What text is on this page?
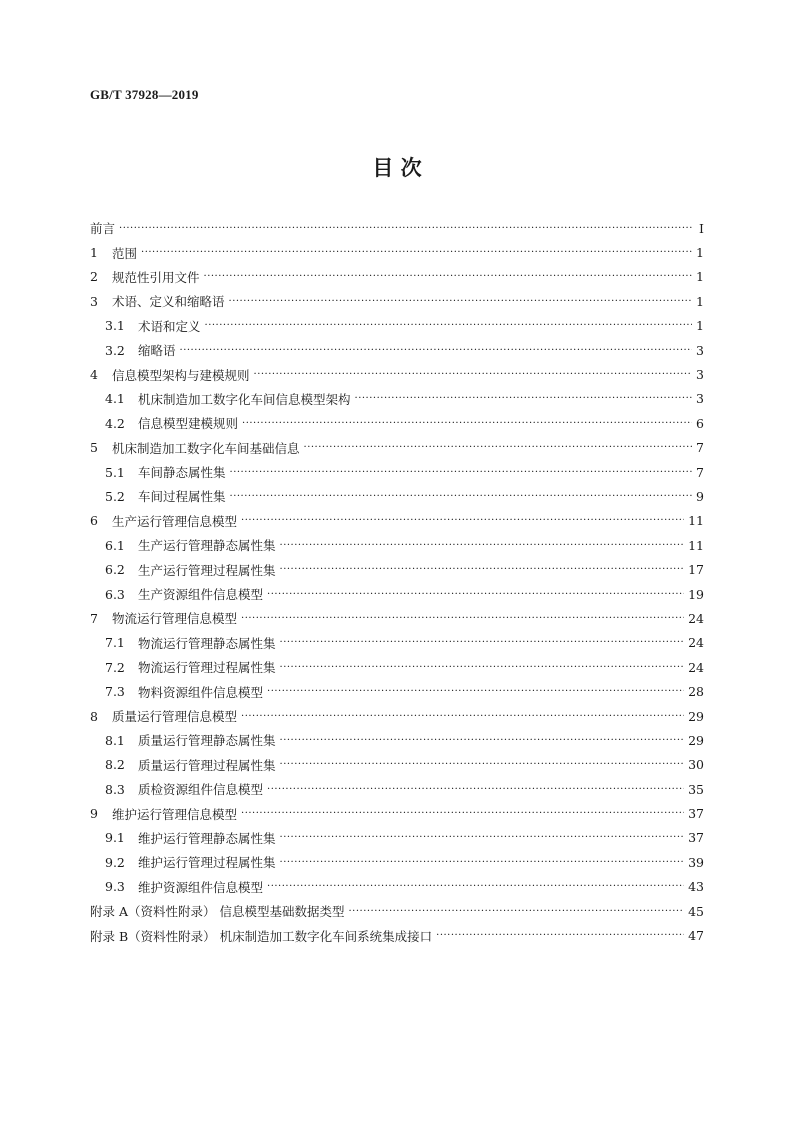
GB/T 37928—2019
目 次
前言 ·····	Ⅰ
1	范围 ·····	1
2	规范性引用文件 ·····	1
3	术语、定义和缩略语 ·····	1
3.1	术语和定义 ·····	1
3.2	缩略语 ·····	3
4	信息模型架构与建模规则 ·····	3
4.1	机床制造加工数字化车间信息模型架构 ·····	3
4.2	信息模型建模规则 ·····	6
5	机床制造加工数字化车间基础信息 ·····	7
5.1	车间静态属性集 ·····	7
5.2	车间过程属性集 ·····	9
6	生产运行管理信息模型 ·····	11
6.1	生产运行管理静态属性集 ·····	11
6.2	生产运行管理过程属性集 ·····	17
6.3	生产资源组件信息模型 ·····	19
7	物流运行管理信息模型 ·····	24
7.1	物流运行管理静态属性集 ·····	24
7.2	物流运行管理过程属性集 ·····	24
7.3	物料资源组件信息模型 ·····	28
8	质量运行管理信息模型 ·····	29
8.1	质量运行管理静态属性集 ·····	29
8.2	质量运行管理过程属性集 ·····	30
8.3	质检资源组件信息模型 ·····	35
9	维护运行管理信息模型 ·····	37
9.1	维护运行管理静态属性集 ·····	37
9.2	维护运行管理过程属性集 ·····	39
9.3	维护资源组件信息模型 ·····	43
附录 A（资料性附录） 信息模型基础数据类型 ·····	45
附录 B（资料性附录） 机床制造加工数字化车间系统集成接口 ·····	47
